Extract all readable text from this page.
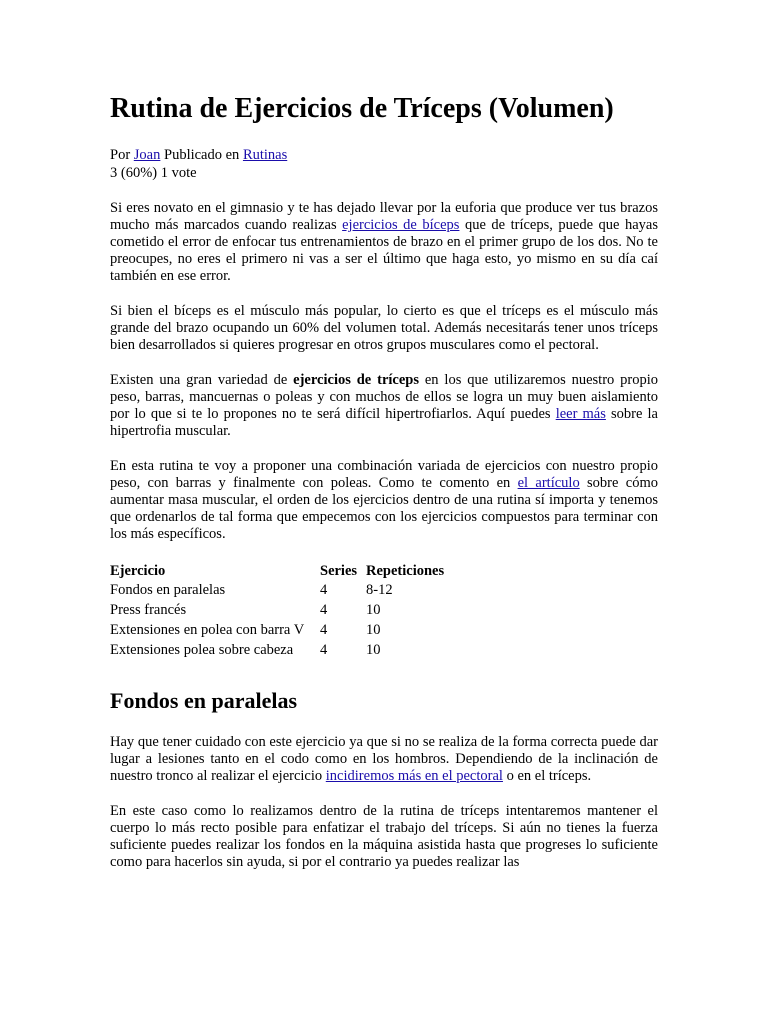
Rutina de Ejercicios de Tríceps (Volumen)
Por Joan Publicado en Rutinas
3 (60%) 1 vote

Si eres novato en el gimnasio y te has dejado llevar por la euforia que produce ver tus brazos mucho más marcados cuando realizas ejercicios de bíceps que de tríceps, puede que hayas cometido el error de enfocar tus entrenamientos de brazo en el primer grupo de los dos. No te preocupes, no eres el primero ni vas a ser el último que haga esto, yo mismo en su día caí también en ese error.

Si bien el bíceps es el músculo más popular, lo cierto es que el tríceps es el músculo más grande del brazo ocupando un 60% del volumen total. Además necesitarás tener unos tríceps bien desarrollados si quieres progresar en otros grupos musculares como el pectoral.

Existen una gran variedad de ejercicios de tríceps en los que utilizaremos nuestro propio peso, barras, mancuernas o poleas y con muchos de ellos se logra un muy buen aislamiento por lo que si te lo propones no te será difícil hipertrofiarlos. Aquí puedes leer más sobre la hipertrofia muscular.

En esta rutina te voy a proponer una combinación variada de ejercicios con nuestro propio peso, con barras y finalmente con poleas. Como te comento en el artículo sobre cómo aumentar masa muscular, el orden de los ejercicios dentro de una rutina sí importa y tenemos que ordenarlos de tal forma que empecemos con los ejercicios compuestos para terminar con los más específicos.

Ejercicio	Series	Repeticiones
Fondos en paralelas	4	8-12
Press francés	4	10
Extensiones en polea con barra V	4	10
Extensiones polea sobre cabeza	4	10
Fondos en paralelas

Hay que tener cuidado con este ejercicio ya que si no se realiza de la forma correcta puede dar lugar a lesiones tanto en el codo como en los hombros. Dependiendo de la inclinación de nuestro tronco al realizar el ejercicio incidiremos más en el pectoral o en el tríceps.

En este caso como lo realizamos dentro de la rutina de tríceps intentaremos mantener el cuerpo lo más recto posible para enfatizar el trabajo del tríceps. Si aún no tienes la fuerza suficiente puedes realizar los fondos en la máquina asistida hasta que progreses lo suficiente como para hacerlos sin ayuda, si por el contrario ya puedes realizar las
